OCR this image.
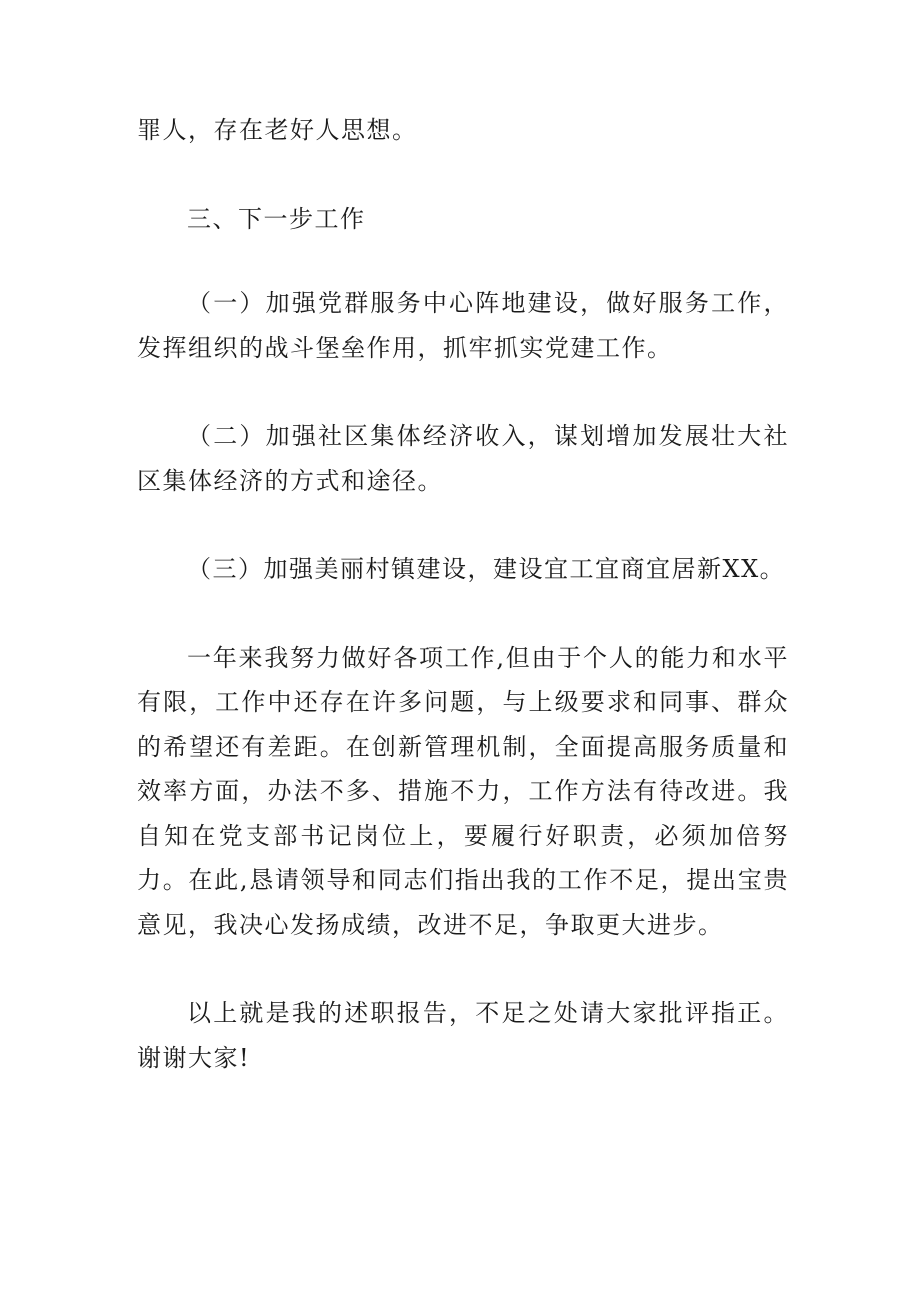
罪人，存在老好人思想。

三、下一步工作

（一）加强党群服务中心阵地建设，做好服务工作，发挥组织的战斗堡垒作用，抓牢抓实党建工作。

（二）加强社区集体经济收入，谋划增加发展壮大社区集体经济的方式和途径。

（三）加强美丽村镇建设，建设宜工宜商宜居新XX。

一年来我努力做好各项工作,但由于个人的能力和水平有限，工作中还存在许多问题，与上级要求和同事、群众的希望还有差距。在创新管理机制，全面提高服务质量和效率方面，办法不多、措施不力，工作方法有待改进。我自知在党支部书记岗位上，要履行好职责，必须加倍努力。在此,恳请领导和同志们指出我的工作不足，提出宝贵意见，我决心发扬成绩，改进不足，争取更大进步。

以上就是我的述职报告，不足之处请大家批评指正。谢谢大家!
